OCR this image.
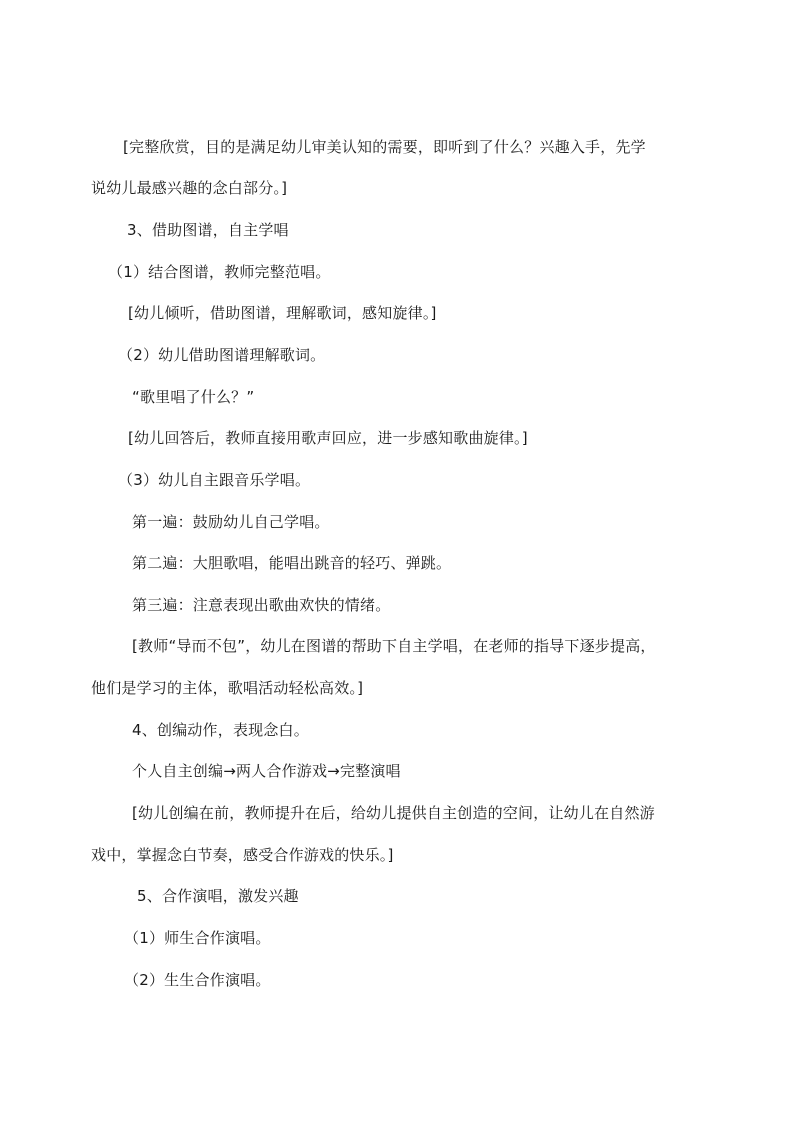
[完整欣赏，目的是满足幼儿审美认知的需要，即听到了什么？兴趣入手，先学
说幼儿最感兴趣的念白部分。]
3、借助图谱，自主学唱
（1）结合图谱，教师完整范唱。
[幼儿倾听，借助图谱，理解歌词，感知旋律。]
（2）幼儿借助图谱理解歌词。
“歌里唱了什么？”
[幼儿回答后，教师直接用歌声回应，进一步感知歌曲旋律。]
（3）幼儿自主跟音乐学唱。
第一遍：鼓励幼儿自己学唱。
第二遍：大胆歌唱，能唱出跳音的轻巧、弹跳。
第三遍：注意表现出歌曲欢快的情绪。
[教师“导而不包”，幼儿在图谱的帮助下自主学唱，在老师的指导下逐步提高，
他们是学习的主体，歌唱活动轻松高效。]
4、创编动作，表现念白。
个人自主创编→两人合作游戏→完整演唱
[幼儿创编在前，教师提升在后，给幼儿提供自主创造的空间，让幼儿在自然游
戏中，掌握念白节奏，感受合作游戏的快乐。]
5、合作演唱，激发兴趣
（1）师生合作演唱。
（2）生生合作演唱。
